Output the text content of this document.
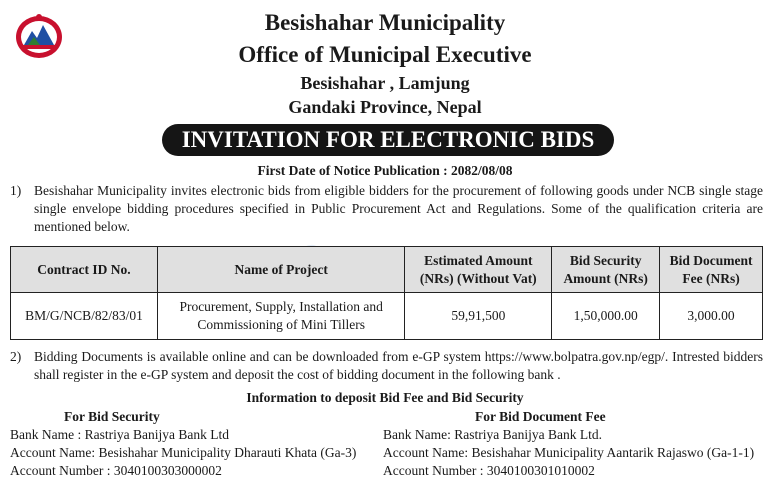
Besishahar Municipality
Office of Municipal Executive
Besishahar , Lamjung
Gandaki Province, Nepal
INVITATION FOR ELECTRONIC BIDS
First Date of Notice Publication : 2082/08/08
1) Besishahar Municipality invites electronic bids from eligible bidders for the procurement of following goods under NCB single stage single envelope bidding procedures specified in Public Procurement Act and Regulations. Some of the qualification criteria are mentioned below.
Contract ID No.	Name of Project	Estimated Amount (NRs) (Without Vat)	Bid Security Amount (NRs)	Bid Document Fee (NRs)
BM/G/NCB/82/83/01	Procurement, Supply, Installation and Commissioning of Mini Tillers	59,91,500	1,50,000.00	3,000.00
2) Bidding Documents is available online and can be downloaded from e-GP system https://www.bolpatra.gov.np/egp/. Intrested bidders shall register in the e-GP system and deposit the cost of bidding document in the following bank .
Information to deposit Bid Fee and Bid Security
For Bid Security
Bank Name : Rastriya Banijya Bank Ltd
Account Name: Besishahar Municipality Dharauti Khata (Ga-3)
Account Number : 3040100303000002
For Bid Document Fee
Bank Name: Rastriya Banijya Bank Ltd.
Account Name: Besishahar Municipality Aantarik Rajaswo (Ga-1-1)
Account Number : 3040100301010002
